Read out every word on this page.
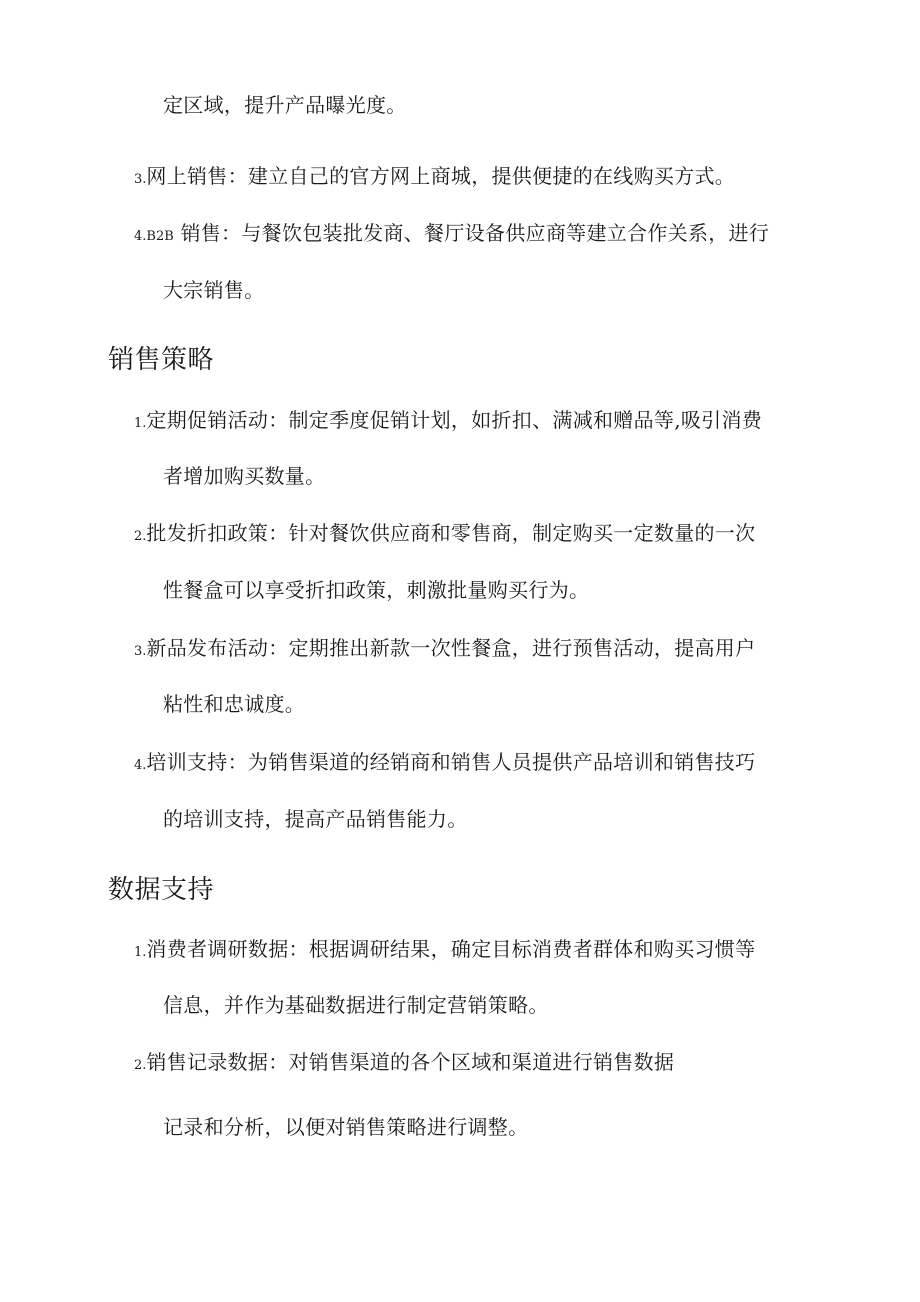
定区域，提升产品曝光度。
3.网上销售：建立自己的官方网上商城，提供便捷的在线购买方式。
4.B2B 销售：与餐饮包装批发商、餐厅设备供应商等建立合作关系，进行
大宗销售。
销售策略
1.定期促销活动：制定季度促销计划，如折扣、满减和赠品等,吸引消费
者增加购买数量。
2.批发折扣政策：针对餐饮供应商和零售商，制定购买一定数量的一次
性餐盒可以享受折扣政策，刺激批量购买行为。
3.新品发布活动：定期推出新款一次性餐盒，进行预售活动，提高用户
粘性和忠诚度。
4.培训支持：为销售渠道的经销商和销售人员提供产品培训和销售技巧
的培训支持，提高产品销售能力。
数据支持
1.消费者调研数据：根据调研结果，确定目标消费者群体和购买习惯等
信息，并作为基础数据进行制定营销策略。
2.销售记录数据：对销售渠道的各个区域和渠道进行销售数据
记录和分析，以便对销售策略进行调整。
